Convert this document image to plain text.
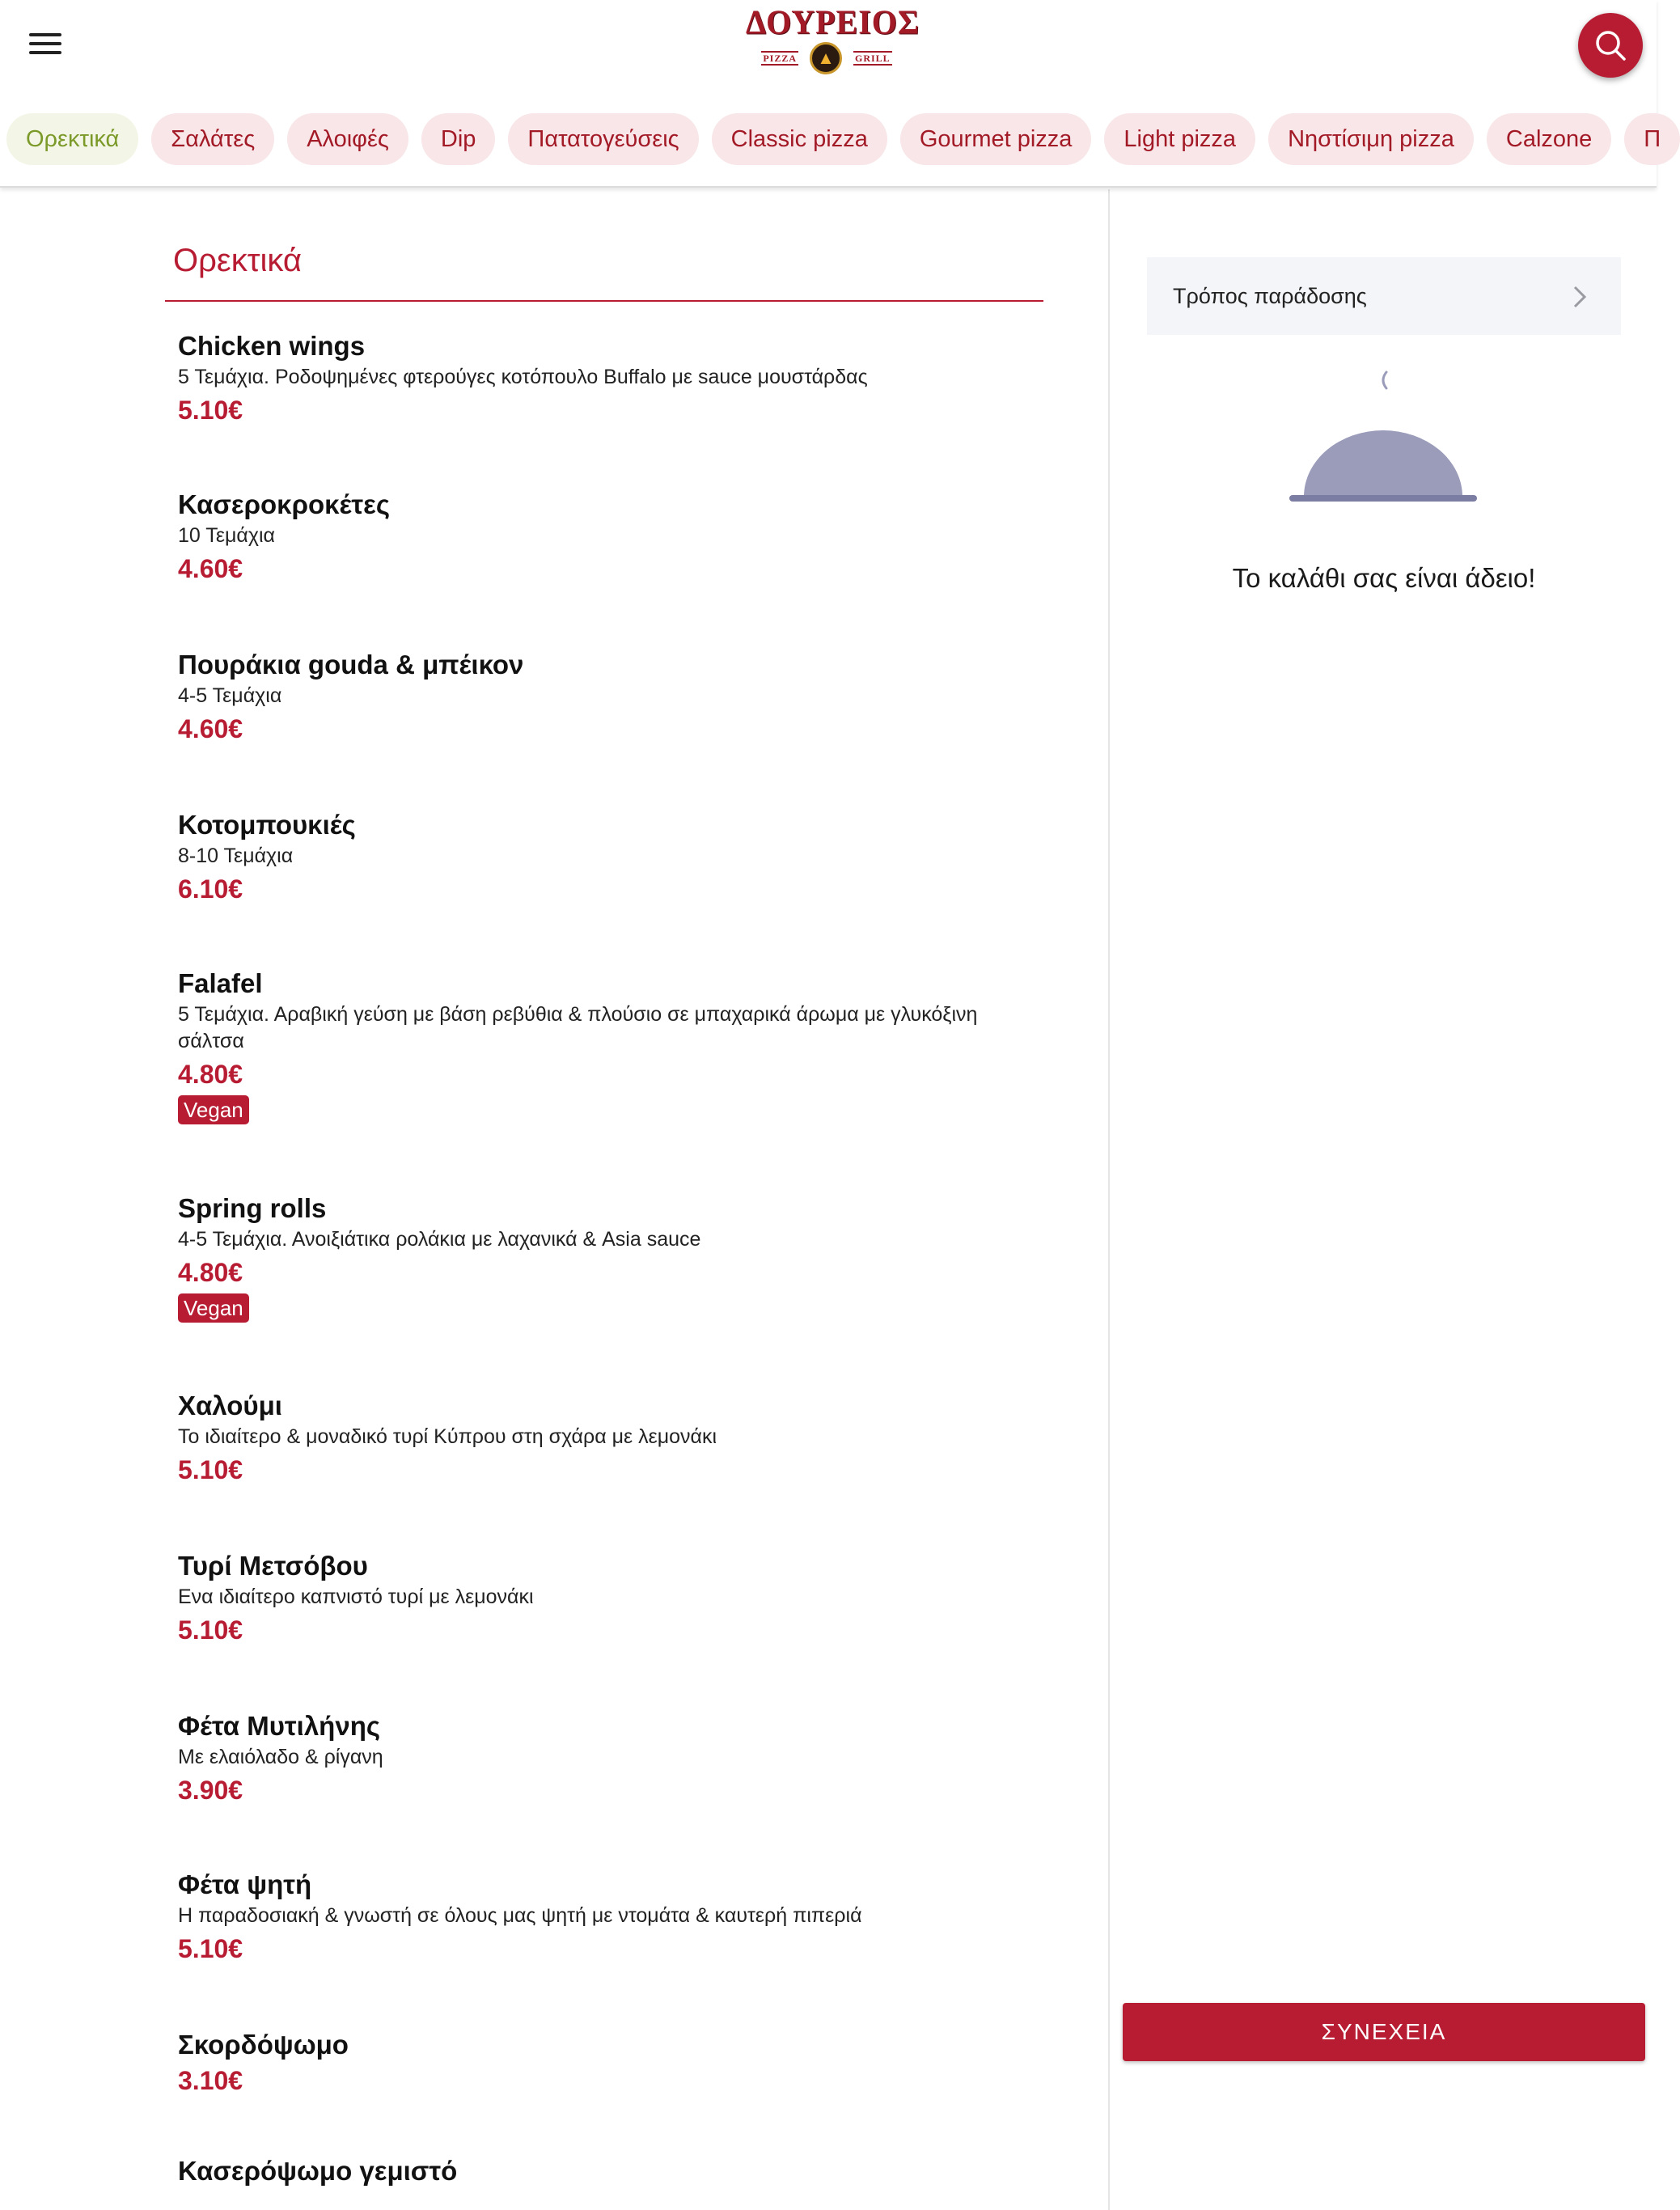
ΔΟΥΡΕΙΟΣ
PIZZA	▲	GRILL
Ορεκτικά	Σαλάτες	Αλοιφές	Dip	Πατατογεύσεις	Classic pizza	Gourmet pizza	Light pizza	Νηστίσιμη pizza	Calzone	Π
Ορεκτικά
Chicken wings
5 Τεμάχια. Ροδοψημένες φτερούγες κοτόπουλο Buffalo με sauce μουστάρδας
5.10€
Κασεροκροκέτες
10 Τεμάχια
4.60€
Πουράκια gouda & μπέικον
4-5 Τεμάχια
4.60€
Κοτομπουκιές
8-10 Τεμάχια
6.10€
Falafel
5 Τεμάχια. Αραβική γεύση με βάση ρεβύθια & πλούσιο σε μπαχαρικά άρωμα με γλυκόξινη σάλτσα
4.80€
Vegan
Spring rolls
4-5 Τεμάχια. Ανοιξιάτικα ρολάκια με λαχανικά & Asia sauce
4.80€
Vegan
Χαλούμι
Το ιδιαίτερο & μοναδικό τυρί Κύπρου στη σχάρα με λεμονάκι
5.10€
Τυρί Μετσόβου
Ενα ιδιαίτερο καπνιστό τυρί με λεμονάκι
5.10€
Φέτα Μυτιλήνης
Με ελαιόλαδο & ρίγανη
3.90€
Φέτα ψητή
Η παραδοσιακή & γνωστή σε όλους μας ψητή με ντομάτα & καυτερή πιπεριά
5.10€
Σκορδόψωμο
3.10€
Κασερόψωμο γεμιστό
Τρόπος παράδοσης
Το καλάθι σας είναι άδειο!
ΣΥΝΕΧΕΙΑ
